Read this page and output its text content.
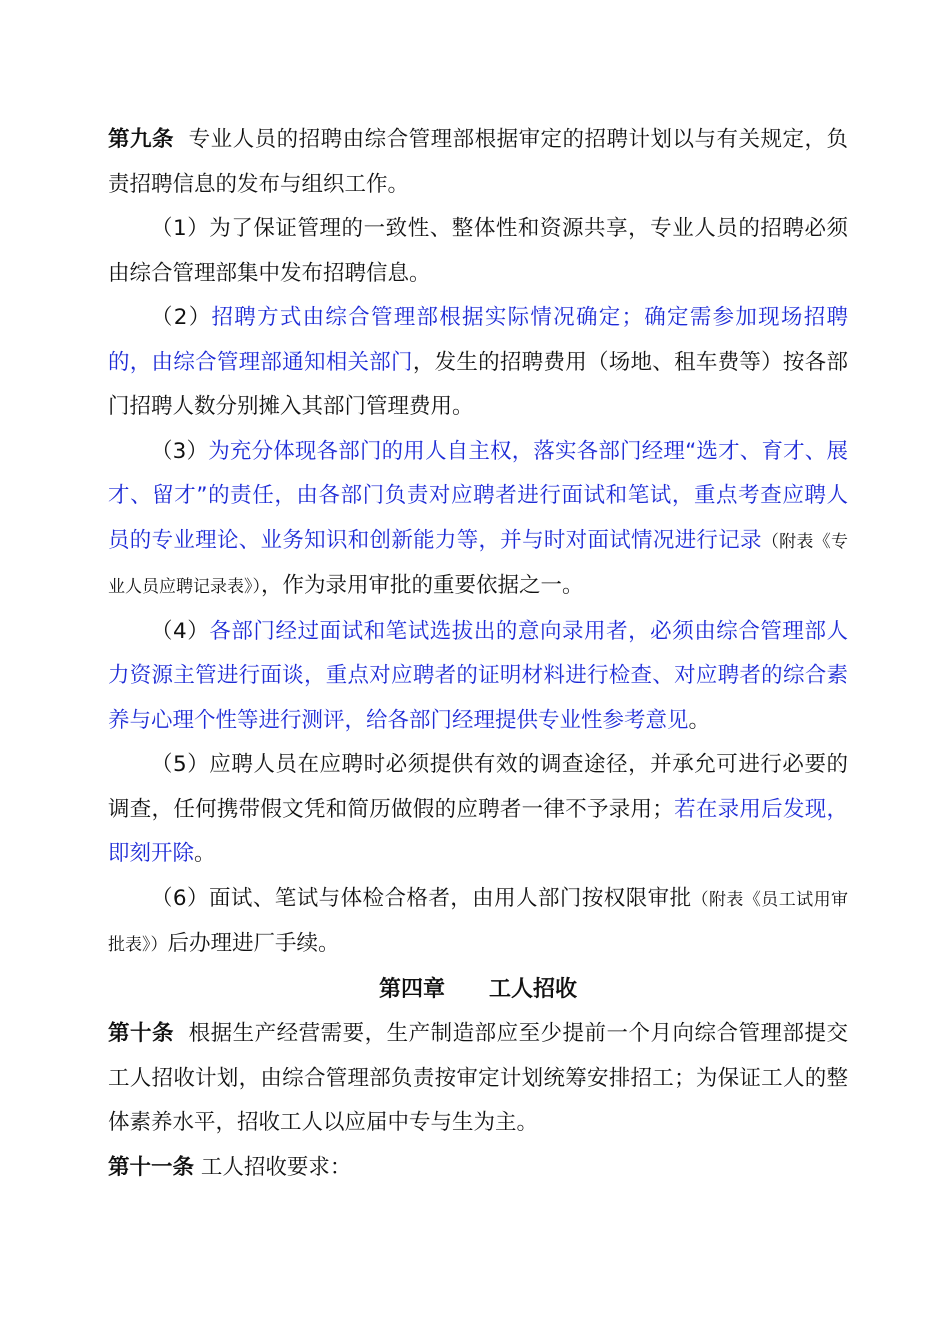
第九条 专业人员的招聘由综合管理部根据审定的招聘计划以与有关规定，负责招聘信息的发布与组织工作。

（1）为了保证管理的一致性、整体性和资源共享，专业人员的招聘必须由综合管理部集中发布招聘信息。

（2）招聘方式由综合管理部根据实际情况确定；确定需参加现场招聘的，由综合管理部通知相关部门，发生的招聘费用（场地、租车费等）按各部门招聘人数分别摊入其部门管理费用。

（3）为充分体现各部门的用人自主权，落实各部门经理“选才、育才、展才、留才”的责任，由各部门负责对应聘者进行面试和笔试，重点考查应聘人员的专业理论、业务知识和创新能力等，并与时对面试情况进行记录（附表《专业人员应聘记录表》），作为录用审批的重要依据之一。

（4）各部门经过面试和笔试选拔出的意向录用者，必须由综合管理部人力资源主管进行面谈，重点对应聘者的证明材料进行检查、对应聘者的综合素养与心理个性等进行测评，给各部门经理提供专业性参考意见。

（5）应聘人员在应聘时必须提供有效的调查途径，并承允可进行必要的调查，任何携带假文凭和简历做假的应聘者一律不予录用；若在录用后发现，即刻开除。

（6）面试、笔试与体检合格者，由用人部门按权限审批（附表《员工试用审批表》）后办理进厂手续。

第四章 工人招收

第十条 根据生产经营需要，生产制造部应至少提前一个月向综合管理部提交工人招收计划，由综合管理部负责按审定计划统筹安排招工；为保证工人的整体素养水平，招收工人以应届中专与生为主。

第十一条 工人招收要求：
